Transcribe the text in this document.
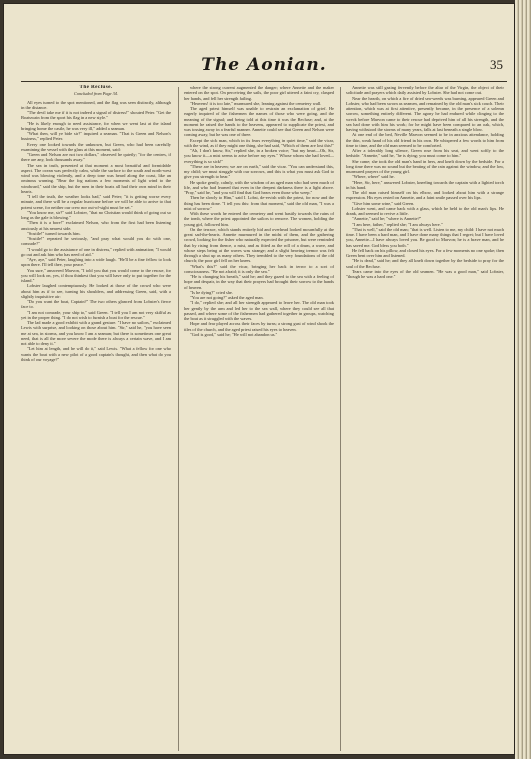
The Aonian.	35
The Recluse.
Concluded from Page 34.

All eyes turned to the spot mentioned, and the flag was seen distinctly, although in the distance.

"The devil take me if it is not indeed a signal of distress!" shouted Peter. "Get the Boatswain from the sport his flag in a new style."

"He is likely enough to need assistance, for when we went last at the island bringing home the castle, he was very ill," added a seaman.

"What then, will ye bide sir?" inquired a seaman. "That is Green and Nelson's business," replied Peter.

Every one looked towards the unknown, but Green, who had been carefully examining the vessel with the glass at this moment, said:

"Green and Nelson are not two dollars," observed he quietly; "for the centres, if there are any, look thousands away."

The sea in truth, presented at that moment a most beautiful and formidable aspect. The ocean was perfectly calm, while the surface to the south and north-west wind was blowing violently, and a deep tone was heard along the coast, like an ominous warning. "Bear the fog nations a few moments of light wind to the windward," said the ship, but the men in their boats all had their own mind in their hearts.

"I tell the truth, the weather looks bad," said Peter; "it is getting worse every minute, and there will be a regular hurricane before we will be able to arrive to that potent scene, for neither our crew nor out-of-sight must be set."

"You know me, sir?" said Lobster, "that no Christian would think of going out so long as the gale is blowing."

"Then it is a bore!" exclaimed Nelson, who from the first had been listening anxiously at his nearest side.

"Scuttle!" turned towards him.

"Scuttle!" repeated he seriously, "and pray what would you do with one, comrade?"

"I would go to the assistance of one in distress," replied with animation; "I would go out and ask him who has need of aid."

"Aye, aye," said Peter, laughing into a wide laugh. "He'll be a fine fellow to look upon there. I'll tell thee, your peace."

You sure," answered Marvon, "I told you that you would come to the rescue, for you will look on, yes, if thou thinkest that you will have only to put together for the island."

Lobster laughed contemptuously. He looked at those of the crowd who were about him as if to see, turning his shoulders, and addressing Green, said, with a slightly inquisitive air:

"Do you want the boat, Captain?" The two others glanced from Lobster's fierce face to.

"I am not comrade, your ship to," said Green. "I tell you I am not very skilful as yet in the proper thing. "I do not wish to furnish a boat for the rescue."

The lad made a good exhibit with a grand gesture. "I have no sailors," exclaimed Lewis with surprise, and looking on those about him. "Sir," said he, "you have seen me at sea, in storms, and you know I am a seaman; but there is sometimes one great need, that is all the more severe the mode there is always a certain wave, and I am not able to deny it."

"Let him at length, and he will do it," said Lewis. "What a fellow for one who wants the boat with a new pilot of a good captain's thought, and then what do you think of our voyage?"

where the strong current augmented the danger; where Annette and the maker entered on the spot. On perceiving the sails, the poor girl uttered a faint cry, clasped her hands, and fell her strength failing.

"Heavens! it is too late," murmured she, leaning against the cemetery wall.

The aged priest himself was unable to restrain an exclamation of grief. He eagerly inquired of the fishermen the names of those who were going, and the meaning of the signal; and being told at this time it was the Recluse; and, at the moment he raised the hands to the heavens, appeared to supplicate the priest, and was tossing away in a fearful manner. Annette could see that Green and Nelson were coming away, but he was one of three.

Except the sick man, which in its fears everything in quiet time," said the vicar, with the wind, as if they might one thing, she had said, "Which of them are lost this!"

"Ah, I don't know, Sir," replied she, in a broken voice; "but my heart—Oh, Sir, you know it—a mist seems to arise before my eyes." Whose whom she had loved—everything is so sick!"

"These are in heaven; we are on earth," said the vicar. "You can understand this, my child; we must struggle with our sorrows, and this is what you must ask God to give you strength to bear."

He spoke gently, calmly, with the wisdom of an aged man who had seen much of life, and who had learned that even in the deepest darkness there is a light above. "Pray," said he, "and you will find that God hears even those who weep."

Then he slowly to Him," said I. Lobst, de-ervish with the priest, for now and the thing has been done. "I tell you this: from that moment," said the old man, "I was a mist of sorrow."

With these words he entered the cemetery and went hastily towards the ruins of the tomb, where the priest appointed the sailors to remove. The women, holding the young girl, followed him.

On the terrace, which stands entirely hid and overhead looked mournfully at the great sad-the-hearts. Annette murmured in the midst of them, and the gathering crowd, looking for the fisher who naturally expected the prisoner, but were reminded that by rising from thence, a mist, and as fitted as the roll of a drum, a wave, and whose steps being at the waves was strange; and a slight heaving tremor was felt through a shut up as many others. They trembled to the very foundations of the old church; the poor girl fell on her knees.

"What's this?" said the vicar, bringing her back in terror to a sort of consciousness. "Be not afraid; it is only the sea."

"He is changing his breath," said he; and they gazed to the sea with a feeling of hope and despair, in the way that their prayers had brought their sorrow to the hands of heaven.

"Is he dying?" cried she.

"You are not going?" asked the aged man.

"I do," replied she; and all her strength appeared to leave her. The old man took her gently by the arm and led her to the sea wall, where they could see all that passed, and where some of the fishermen had gathered together in groups, watching the boat as it struggled with the waves.

Hope and fear played across their faces by turns; a strong gust of wind shook the tiles of the church, and the aged priest raised his eyes to heaven.

"God is good," said he; "He will not abandon us."

Annette was still gazing fervently before the altar of the Virgin, the object of their solicitude and prayers which daily assisted by Lobster. She had not come out.

Near the hearth, on which a fire of dried sea-weeds was burning, appeared Green and Lobster, who had been sworn as seamen, and remained by the old man's sick couch. Their attention, which was at first attentive, presently became, in the presence of a solemn sorrow, something entirely different. The agony he had endured while clinging to the wreck before Marvon came to their rescue had deprived him of all his strength, and the sea had done with him his work; for he might have been compared to an oak, which, having withstood the storms of many years, falls at last beneath a single blow.

At one end of the bed, Neville Marvon seemed to be in anxious attendance, holding the thin, weak hand of his old friend in his own. He whispered a few words to him from time to time, and the old man seemed to be comforted.

After a tolerably long silence, Green rose from his seat, and went softly to the bedside. "Annette," said he, "he is dying; you must come to him."

She came; she took the old man's hand in hers, and knelt down by the bedside. For a long time there was no sound but the beating of the rain against the window, and the low, murmured prayers of the young girl.

"Where, where" said he.

"Here, Sir, here," answered Lobster, kneeling towards the captain with a lighted torch in his hand.

The old man raised himself on his elbow, and looked about him with a strange expression. His eyes rested on Annette, and a faint smile passed over his lips.

"Give him some wine," said Green.

Lobster went, and came back with a glass, which he held to the old man's lips. He drank, and seemed to revive a little.

"Annette," said he; "where is Annette?"

"I am here, father," replied she; "I am always here."

"That is well," said the old man; "that is well. Listen to me, my child: I have not much time. I have been a hard man, and I have done many things that I regret; but I have loved you, Annette—I have always loved you. Be good to Marvon; he is a brave man, and he has saved me. God bless you both."

He fell back on his pillow, and closed his eyes. For a few moments no one spoke; then Green bent over him and listened.

"He is dead," said he; and they all knelt down together by the bedside to pray for the soul of the Recluse.

Tears came into the eyes of the old seamen. "He was a good man," said Lobster, "though he was a hard one."
